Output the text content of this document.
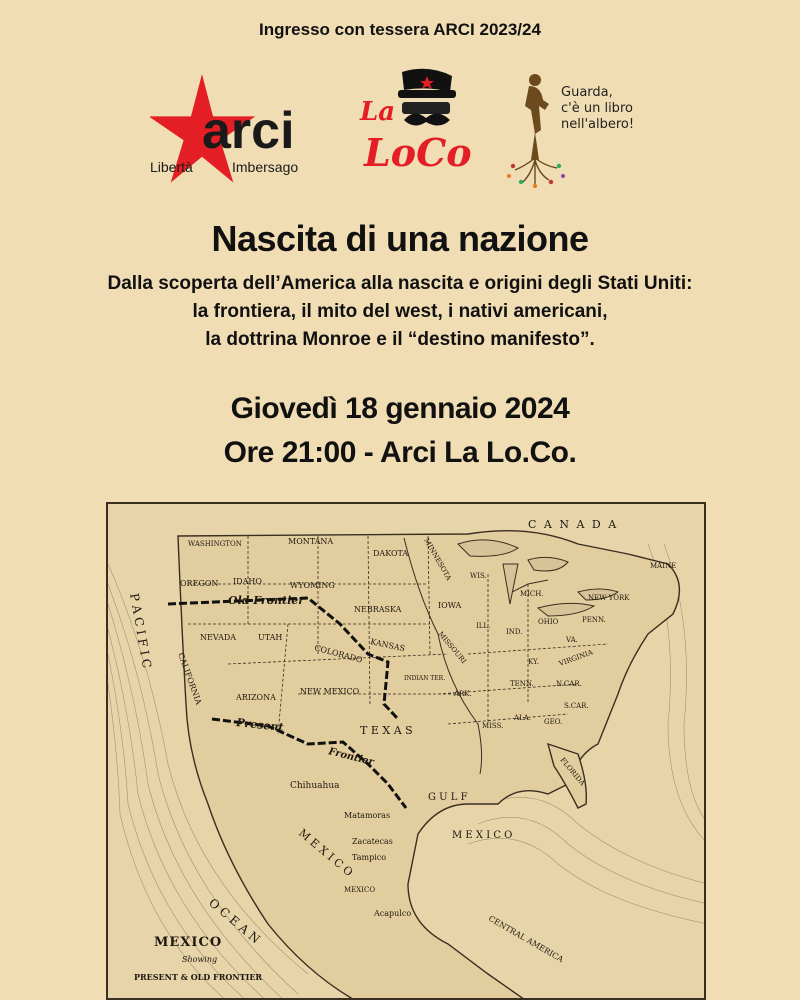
Ingresso con tessera ARCI 2023/24
arci
Libertà	Imbersago
La
LoCo
Guarda,
c'è un libro
nell'albero!
Nascita di una nazione
Dalla scoperta dell’America alla nascita e origini degli Stati Uniti:
la frontiera, il mito del west, i nativi americani,
la dottrina Monroe e il “destino manifesto”.
Giovedì 18 gennaio 2024
Ore 21:00 - Arci La Lo.Co.
C A N A D A
WASHINGTON	MONTANA
DAKOTA MINNESOTA
OREGON IDAHO	WYOMING
Old Frontier
NEBRASKA	IOWA
WIS.
MICH.	NEW YORK
MAINE
NEVADA	UTAH
COLORADO KANSAS
ILL.
IND.
OHIO	PENN.
MISSOURI	VA.
VIRGINIA
KY.
CALIFORNIA	ARIZONA
NEW MEXICO
INDIAN TER.
ARK.
TENN.	N.CAR.
S.CAR.
T E X A S	MISS.
ALA. GEO.
Present
Frontier	FLORIDA
Chihuahua
G U L F
M E X I C O
Matamoras
Zacatecas
Tampico
MEXICO
M E X I C O
Acapulco
CENTRAL AMERICA
P A C I F I C
O C E A N
MEXICO
Showing
PRESENT & OLD FRONTIER
